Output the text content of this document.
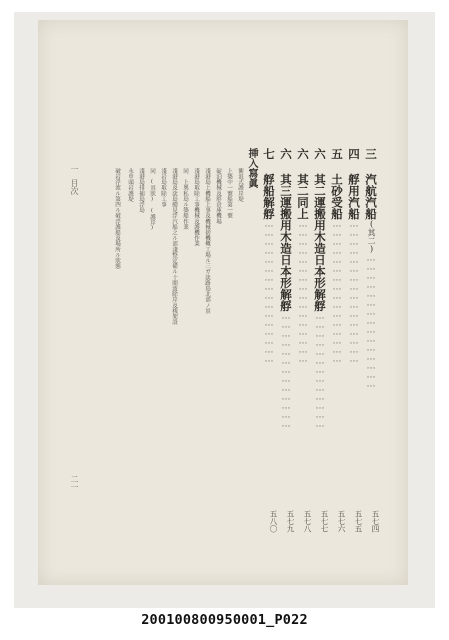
三 汽航汽船(其二)………………………………………
四 艀用汽船…………………………………………
五 土砂受船…………………………………………
六 其二運搬用木造日本形解艀…………………………………
六 其二同上…………………………………………
六 其三運搬用木造日本形解艀…………………………………
七 艀船解艀…………………………………………
五七四
五七五
五七六
五七七
五七八
五七九
五八〇
挿入寫眞
衝浪式護岸堤
上築中一號船第一號
碇泊機械及艀倉庫機場
淺港島上機船上事及機械捨機概工場ル三ガ淡路島北部ノ景
淺港島取除工事機械及護機作業
同　上奧私島ル築船作業
淺港島及淡島總見浮汽船之ル部淺整定備ル十間波除岸及桟架設
淺岩島取除工事
同　(其狀)　(護岸)
淺港島排捕島浮島
永申頭岩護堤
破岩浮流ル第四ル破浮護船及場所ル狀態
一目次
二一
200100800950001_P022
